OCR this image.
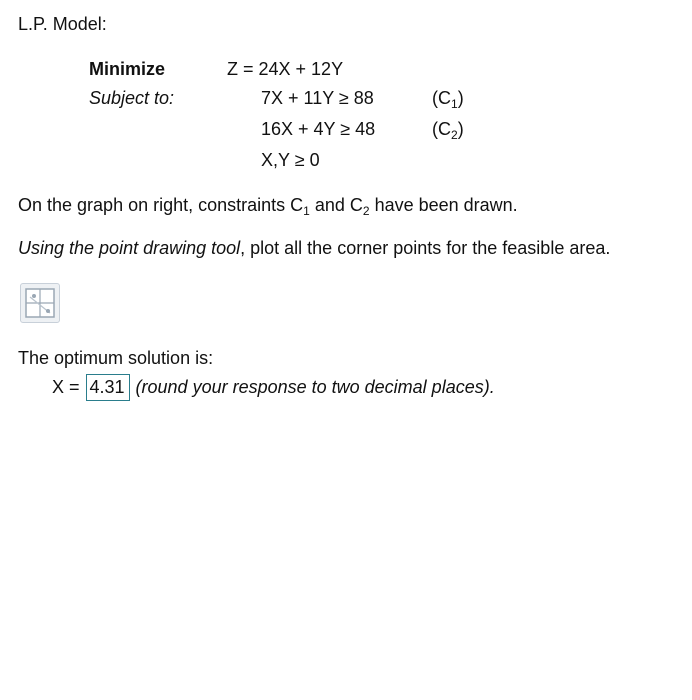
L.P. Model:
Minimize
Subject to:
Z = 24X + 12Y
7X + 11Y ≥ 88	$(C_1)$
16X + 4Y ≥ 48	$(C_2)$
X,Y ≥ 0
On the graph on right, constraints $C_1$ and $C_2$ have been drawn.
Using the point drawing tool, plot all the corner points for the feasible area.
The optimum solution is:
X = 4.31 (round your response to two decimal places).
